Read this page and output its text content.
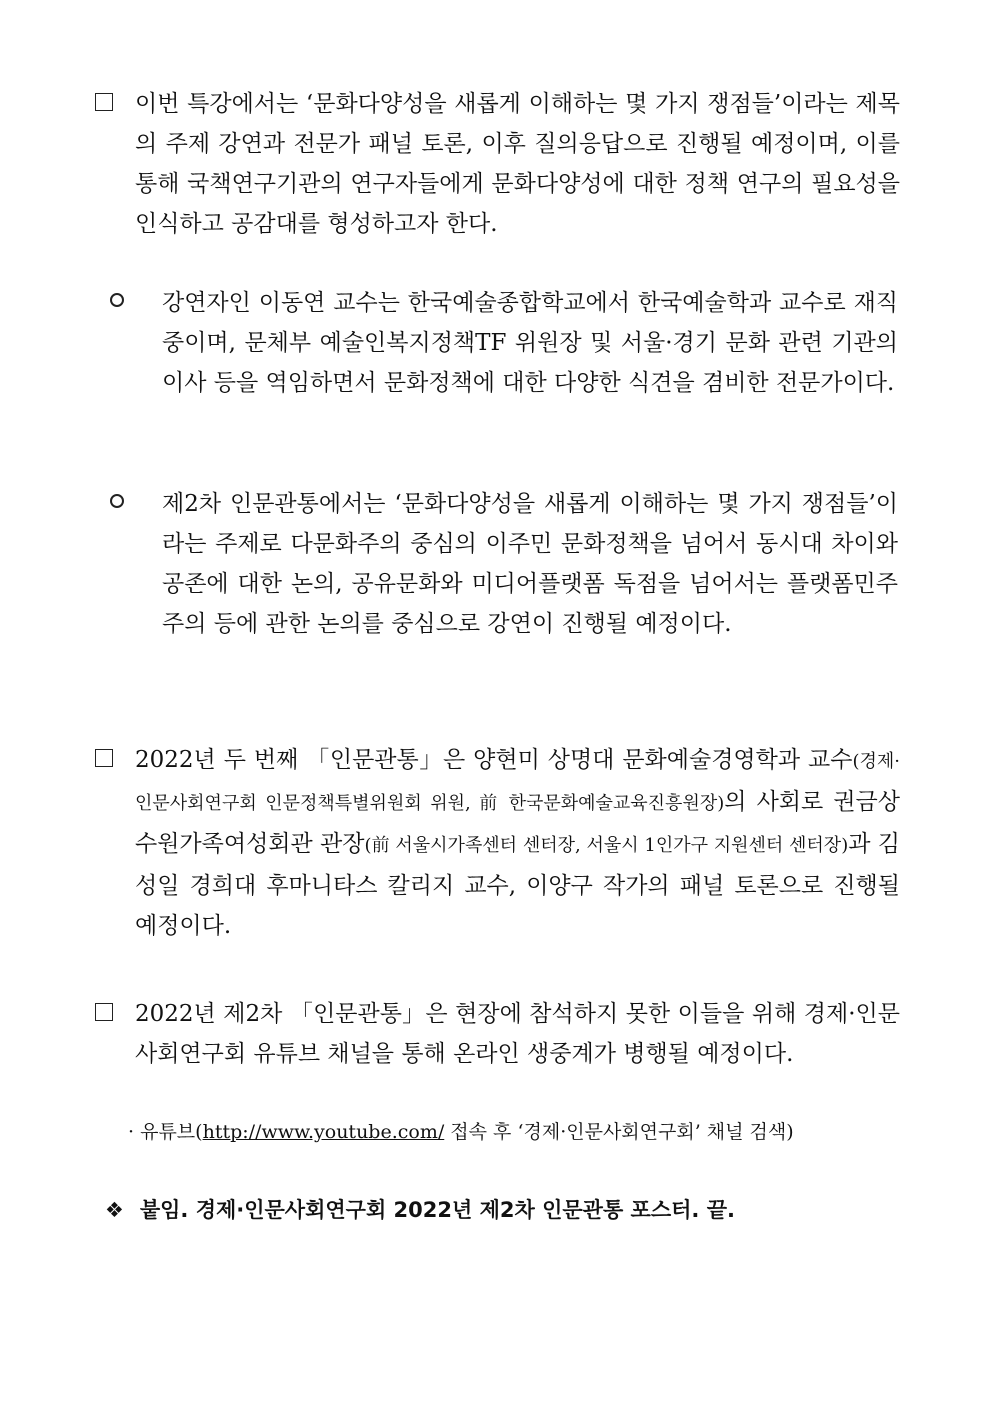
이번 특강에서는 ‘문화다양성을 새롭게 이해하는 몇 가지 쟁점들’이라는 제목의 주제 강연과 전문가 패널 토론, 이후 질의응답으로 진행될 예정이며, 이를 통해 국책연구기관의 연구자들에게 문화다양성에 대한 정책 연구의 필요성을 인식하고 공감대를 형성하고자 한다.

강연자인 이동연 교수는 한국예술종합학교에서 한국예술학과 교수로 재직 중이며, 문체부 예술인복지정책TF 위원장 및 서울·경기 문화 관련 기관의 이사 등을 역임하면서 문화정책에 대한 다양한 식견을 겸비한 전문가이다.

제2차 인문관통에서는 ‘문화다양성을 새롭게 이해하는 몇 가지 쟁점들’이라는 주제로 다문화주의 중심의 이주민 문화정책을 넘어서 동시대 차이와 공존에 대한 논의, 공유문화와 미디어플랫폼 독점을 넘어서는 플랫폼민주주의 등에 관한 논의를 중심으로 강연이 진행될 예정이다.

2022년 두 번째 「인문관통」은 양현미 상명대 문화예술경영학과 교수(경제·인문사회연구회 인문정책특별위원회 위원, 前 한국문화예술교육진흥원장)의 사회로 권금상 수원가족여성회관 관장(前 서울시가족센터 센터장, 서울시 1인가구 지원센터 센터장)과 김성일 경희대 후마니타스 칼리지 교수, 이양구 작가의 패널 토론으로 진행될 예정이다.

2022년 제2차 「인문관통」은 현장에 참석하지 못한 이들을 위해 경제·인문사회연구회 유튜브 채널을 통해 온라인 생중계가 병행될 예정이다.

· 유튜브(http://www.youtube.com/ 접속 후 ‘경제·인문사회연구회’ 채널 검색)
❖ 붙임. 경제·인문사회연구회 2022년 제2차 인문관통 포스터. 끝.
